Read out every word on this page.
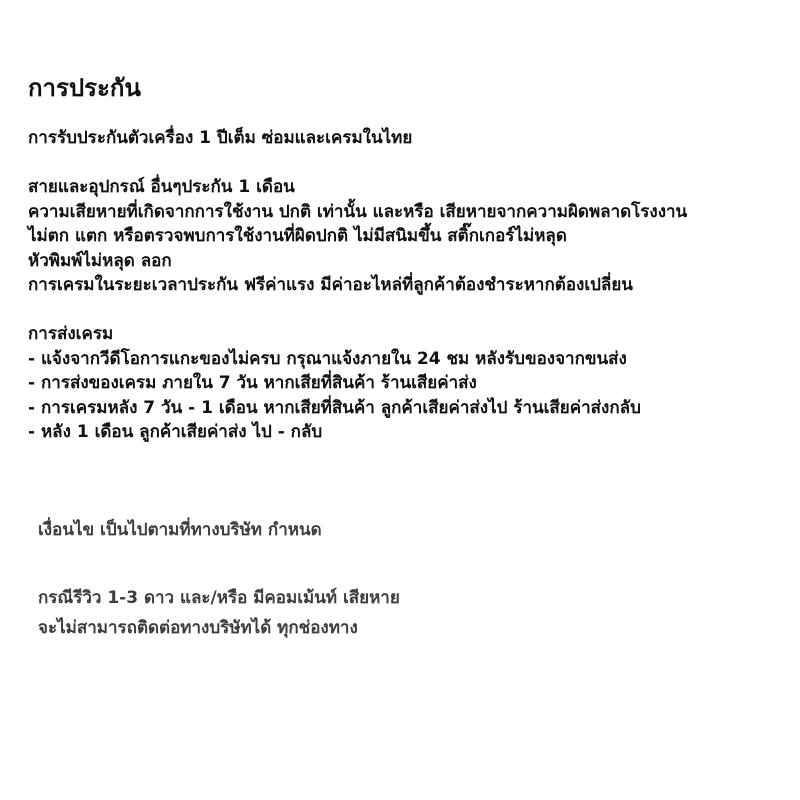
การประกัน
การรับประกันตัวเครื่อง 1 ปีเต็ม ซ่อมและเครมในไทย
สายและอุปกรณ์ อื่นๆประกัน 1 เดือน
ความเสียหายที่เกิดจากการใช้งาน ปกติ เท่านั้น และหรือ เสียหายจากความผิดพลาดโรงงาน
ไม่ตก แตก หรือตรวจพบการใช้งานที่ผิดปกติ ไม่มีสนิมขึ้น สติ๊กเกอร์ไม่หลุด
หัวพิมพ์ไม่หลุด ลอก
การเครมในระยะเวลาประกัน ฟรีค่าแรง มีค่าอะไหล่ที่ลูกค้าต้องชำระหากต้องเปลี่ยน
การส่งเครม
- แจ้งจากวีดีโอการแกะของไม่ครบ กรุณาแจ้งภายใน 24 ชม หลังรับของจากขนส่ง
- การส่งของเครม ภายใน 7 วัน หากเสียที่สินค้า ร้านเสียค่าส่ง
- การเครมหลัง 7 วัน - 1 เดือน หากเสียที่สินค้า ลูกค้าเสียค่าส่งไป ร้านเสียค่าส่งกลับ
- หลัง 1 เดือน ลูกค้าเสียค่าส่ง ไป - กลับ
เงื่อนไข เป็นไปตามที่ทางบริษัท กำหนด
กรณีรีวิว 1-3 ดาว และ/หรือ มีคอมเม้นท์ เสียหาย
จะไม่สามารถติดต่อทางบริษัทได้ ทุกช่องทาง
